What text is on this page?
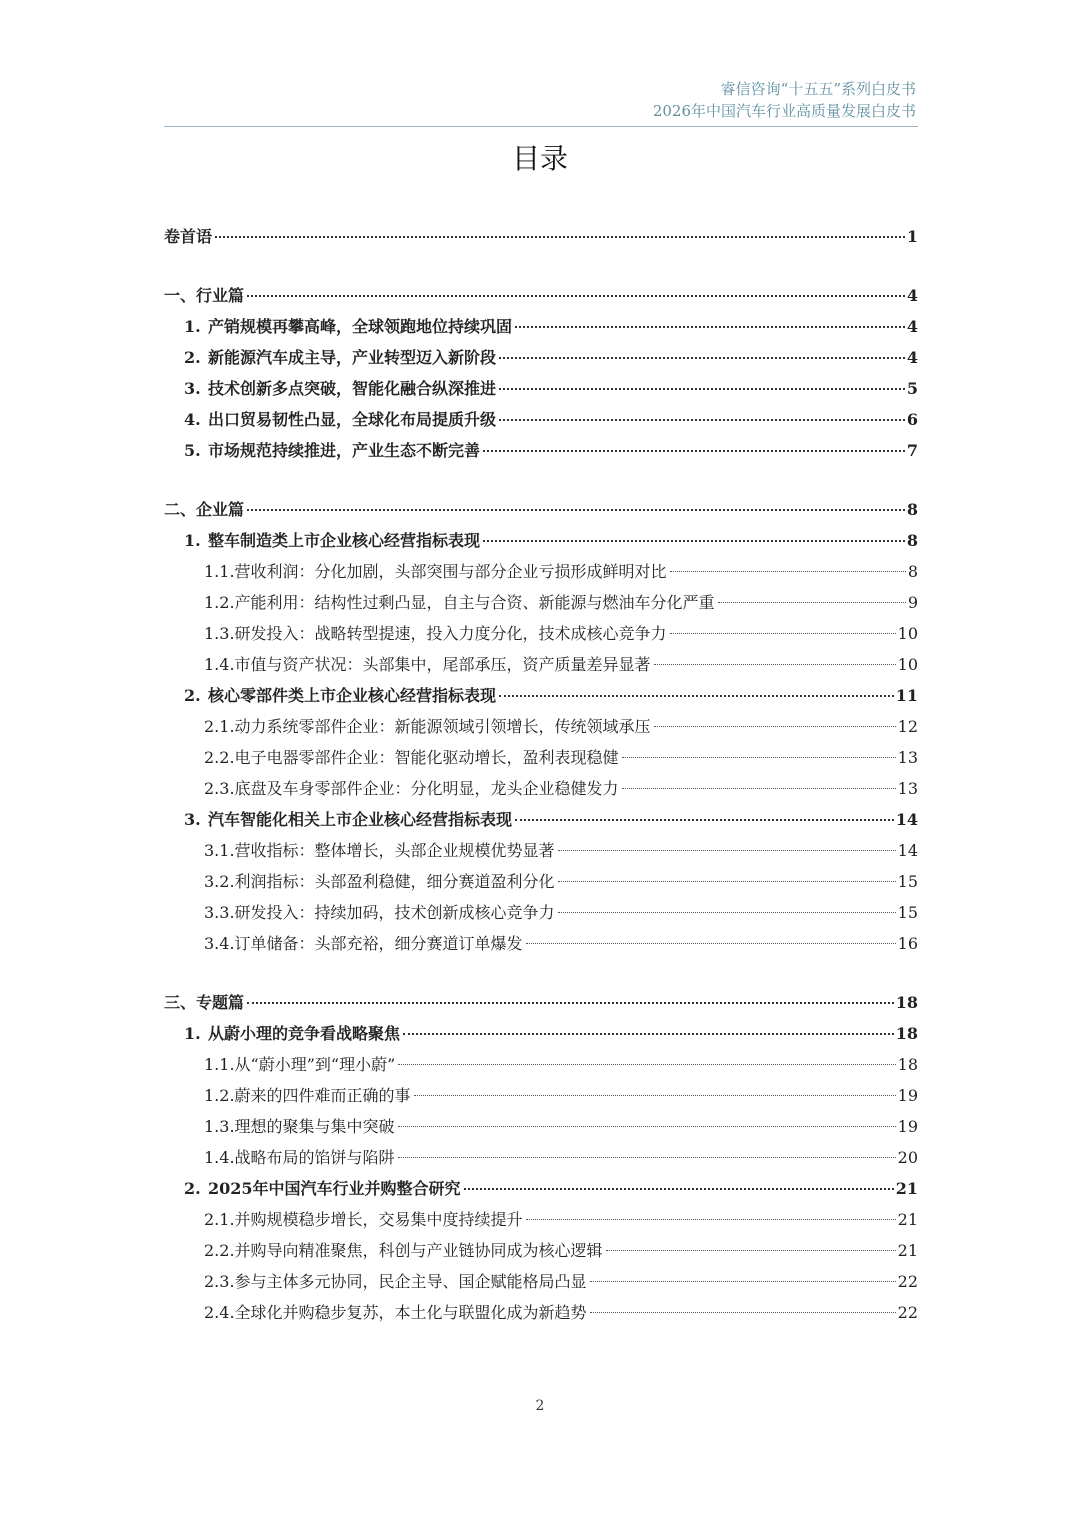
睿信咨询“十五五”系列白皮书
2026年中国汽车行业高质量发展白皮书
目录
卷首语	1
一、行业篇	4
1. 产销规模再攀高峰，全球领跑地位持续巩固	4
2. 新能源汽车成主导，产业转型迈入新阶段	4
3. 技术创新多点突破，智能化融合纵深推进	5
4. 出口贸易韧性凸显，全球化布局提质升级	6
5. 市场规范持续推进，产业生态不断完善	7
二、企业篇	8
1. 整车制造类上市企业核心经营指标表现	8
1.1.营收利润：分化加剧，头部突围与部分企业亏损形成鲜明对比	8
1.2.产能利用：结构性过剩凸显，自主与合资、新能源与燃油车分化严重	9
1.3.研发投入：战略转型提速，投入力度分化，技术成核心竞争力	10
1.4.市值与资产状况：头部集中，尾部承压，资产质量差异显著	10
2. 核心零部件类上市企业核心经营指标表现	11
2.1.动力系统零部件企业：新能源领域引领增长，传统领域承压	12
2.2.电子电器零部件企业：智能化驱动增长，盈利表现稳健	13
2.3.底盘及车身零部件企业：分化明显，龙头企业稳健发力	13
3. 汽车智能化相关上市企业核心经营指标表现	14
3.1.营收指标：整体增长，头部企业规模优势显著	14
3.2.利润指标：头部盈利稳健，细分赛道盈利分化	15
3.3.研发投入：持续加码，技术创新成核心竞争力	15
3.4.订单储备：头部充裕，细分赛道订单爆发	16
三、专题篇	18
1. 从蔚小理的竞争看战略聚焦	18
1.1.从“蔚小理”到“理小蔚”	18
1.2.蔚来的四件难而正确的事	19
1.3.理想的聚集与集中突破	19
1.4.战略布局的馅饼与陷阱	20
2. 2025年中国汽车行业并购整合研究	21
2.1.并购规模稳步增长，交易集中度持续提升	21
2.2.并购导向精准聚焦，科创与产业链协同成为核心逻辑	21
2.3.参与主体多元协同，民企主导、国企赋能格局凸显	22
2.4.全球化并购稳步复苏，本土化与联盟化成为新趋势	22
2
